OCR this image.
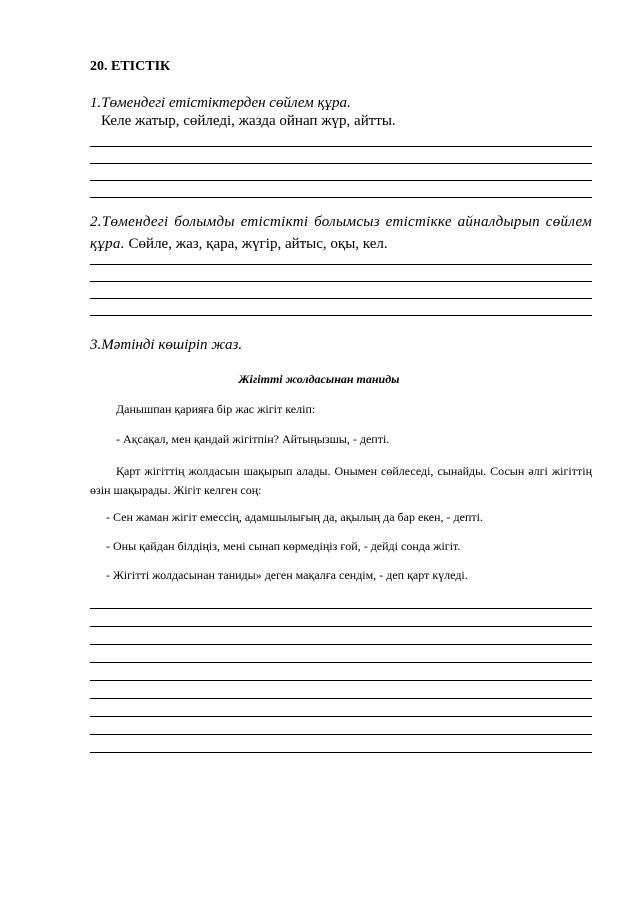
20. ЕТІСТІК
1.Төмендегі етістіктерден сөйлем құра.
Келе жатыр, сөйледі, жазда ойнап жүр, айтты.
2.Төмендегі болымды етістікті болымсыз етістікке айналдырып сөйлем құра. Сөйле, жаз, қара, жүгір, айтыс, оқы, кел.
3.Мәтінді көшіріп жаз.
Жігітті жолдасынан таниды
Данышпан қарияға бір жас жігіт келіп:
- Ақсақал, мен қандай жігітпін? Айтыңызшы, - депті.
Қарт жігіттің жолдасын шақырып алады. Онымен сөйлеседі, сынайды. Сосын әлгі жігіттің өзін шақырады. Жігіт келген соң:
- Сен жаман жігіт емессің, адамшылығың да, ақылың да бар екен, - депті.
- Оны қайдан білдіңіз, мені сынап көрмедіңіз ғой, - дейді сонда жігіт.
- Жігітті жолдасынан таниды» деген мақалға сендім, - деп қарт күледі.
